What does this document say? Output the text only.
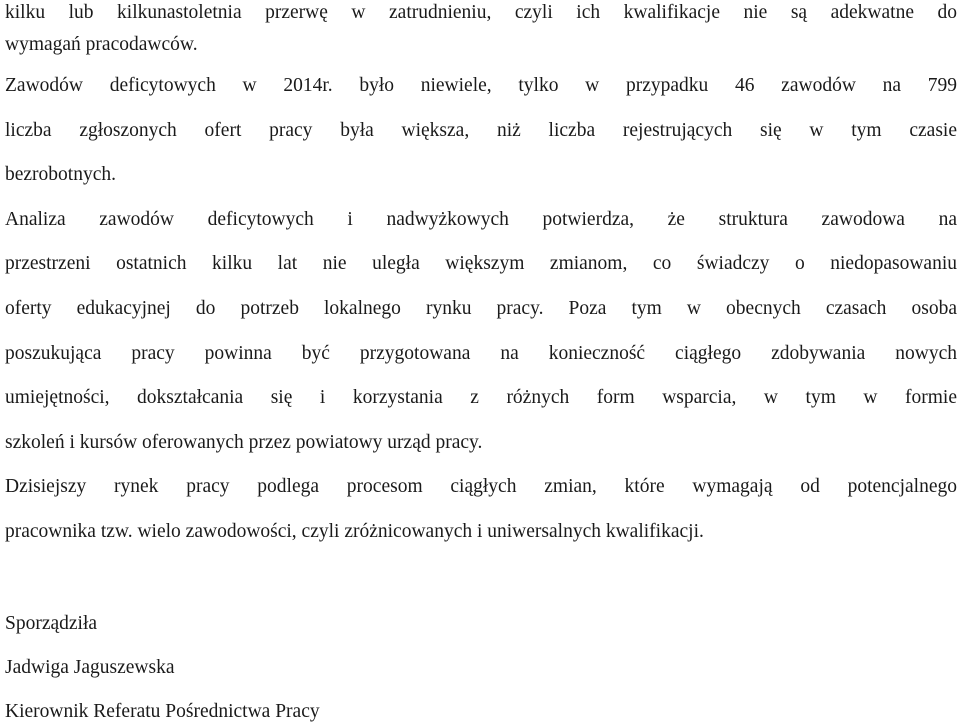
kilku lub kilkunastoletnia przerwę w zatrudnieniu, czyli ich kwalifikacje nie są adekwatne do
wymagań pracodawców.
Zawodów deficytowych w 2014r. było niewiele, tylko w przypadku 46 zawodów na 799
liczba zgłoszonych ofert pracy była większa, niż liczba rejestrujących się w tym czasie
bezrobotnych.
Analiza zawodów deficytowych i nadwyżkowych potwierdza, że struktura zawodowa na
przestrzeni ostatnich kilku lat nie uległa większym zmianom, co świadczy o niedopasowaniu
oferty edukacyjnej do potrzeb lokalnego rynku pracy. Poza tym w obecnych czasach osoba
poszukująca pracy powinna być przygotowana na konieczność ciągłego zdobywania nowych
umiejętności, dokształcania się i korzystania z różnych form wsparcia, w tym w formie
szkoleń i kursów oferowanych przez powiatowy urząd pracy.
Dzisiejszy rynek pracy podlega procesom ciągłych zmian, które wymagają od potencjalnego
pracownika tzw. wielo zawodowości, czyli zróżnicowanych i uniwersalnych kwalifikacji.
Sporządziła
Jadwiga Jaguszewska
Kierownik Referatu Pośrednictwa Pracy
